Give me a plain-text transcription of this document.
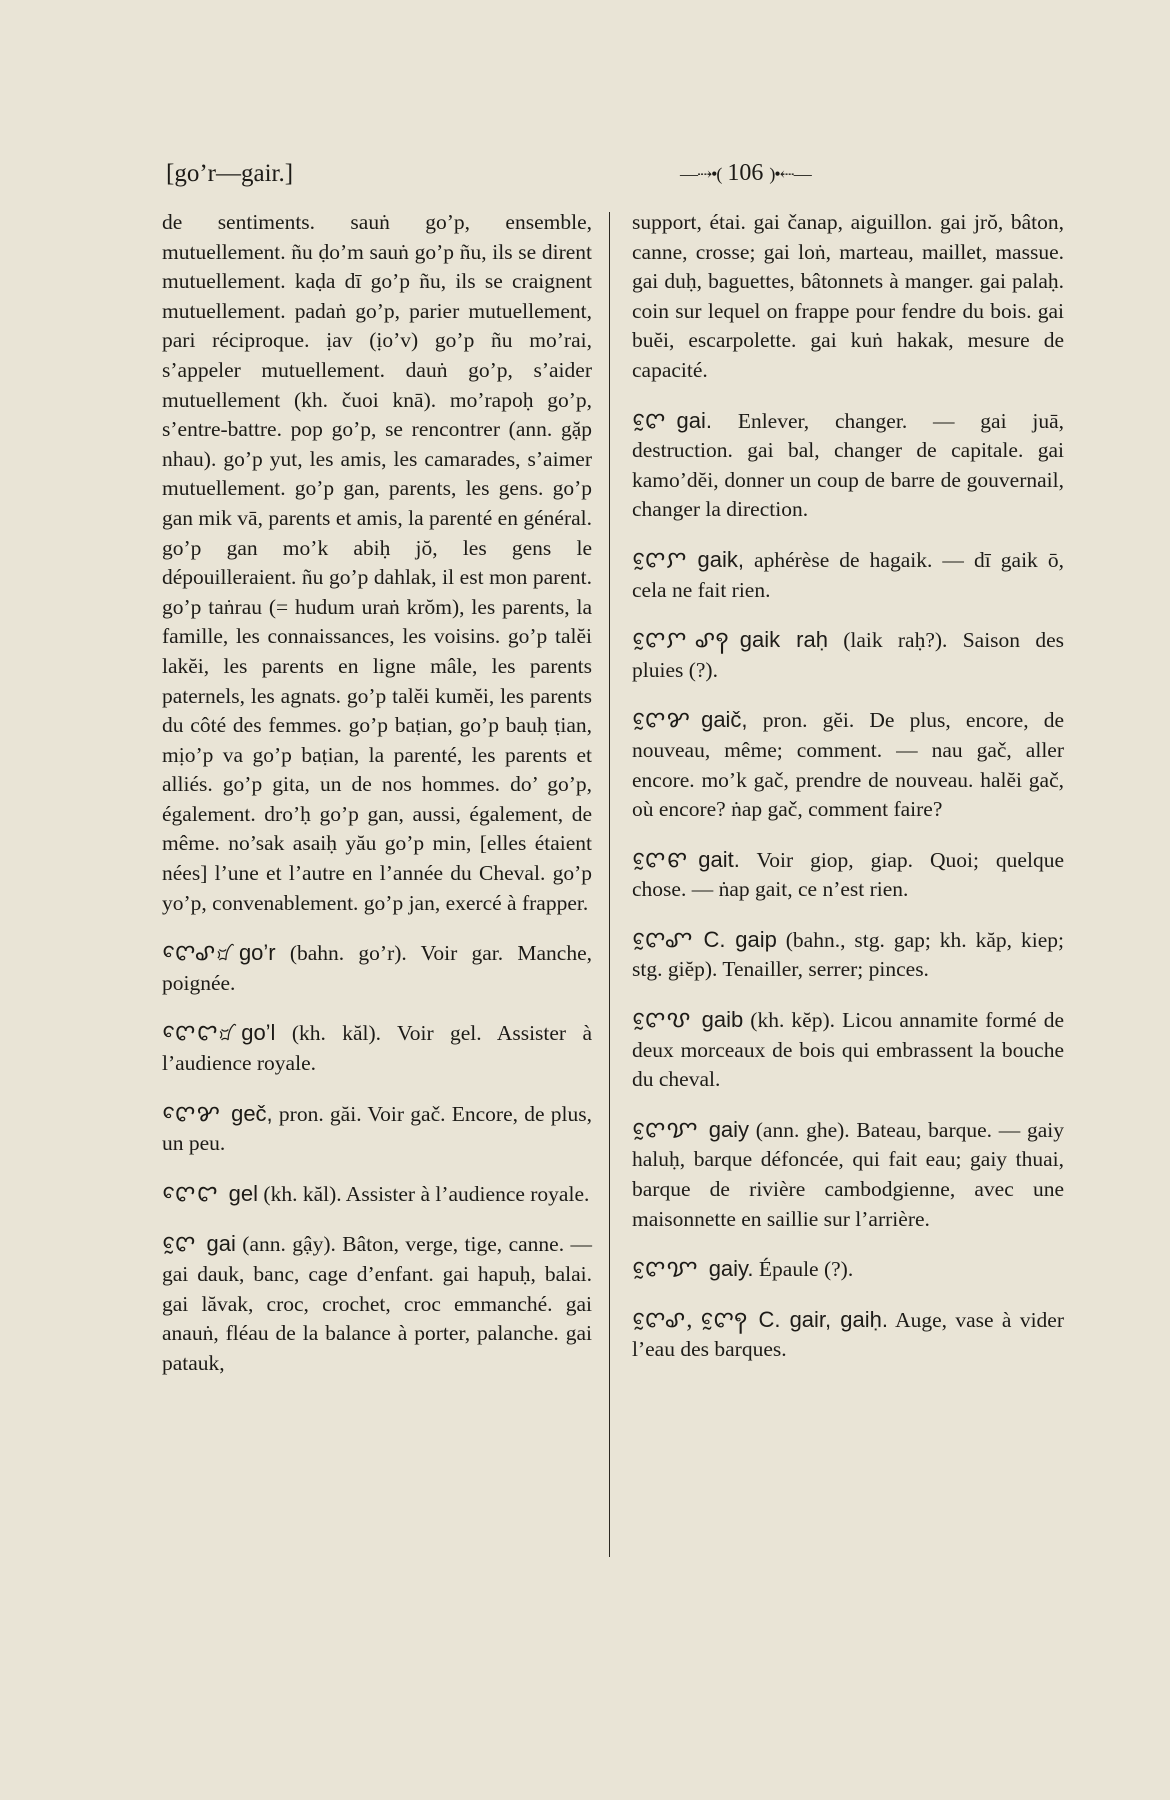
[go’r—gair.]	—⇢•( 106 )•⇠—

de sentiments. sauṅ go’p, ensemble, mutuellement. ñu ḍo’m sauṅ go’p ñu, ils se dirent mutuellement. kaḍa dī go’p ñu, ils se craignent mutuellement. padaṅ go’p, parier mutuellement, pari réciproque. ịav (ịo’v) go’p ñu mo’rai, s’appeler mutuellement. dauṅ go’p, s’aider mutuellement (kh. čuoi knā). mo’rapoḥ go’p, s’entre-battre. pop go’p, se rencontrer (ann. gặp nhau). go’p yut, les amis, les camarades, s’aimer mutuellement. go’p gan, parents, les gens. go’p gan mik vā, parents et amis, la parenté en général. go’p gan mo’k abiḥ jŏ, les gens le dépouilleraient. ñu go’p dahlak, il est mon parent. go’p taṅrau (= hudum uraṅ krŏm), les parents, la famille, les connaissances, les voisins. go’p talĕi lakĕi, les parents en ligne mâle, les parents paternels, les agnats. go’p talĕi kumĕi, les parents du côté des femmes. go’p baṭian, go’p bauḥ ṭian, mịo’p va go’p baṭian, la parenté, les parents et alliés. go’p gita, un de nos hommes. do’ go’p, également. dro’ḥ go’p gan, aussi, également, de même. no’sak asaiḥ yău go’p min, [elles étaient nées] l’une et l’autre en l’année du Cheval. go’p yo’p, convenablement. go’p jan, exercé à frapper.

ꨈꨯꨣ꩸ go’r (bahn. go’r). Voir gar. Manche, poignée.

ꨈꨯꨤ꩸ go’l (kh. kăl). Voir gel. Assister à l’audience royale.

ꨈꨯꨌ geč, pron. găi. Voir gač. Encore, de plus, un peu.

ꨈꨯꨤ gel (kh. kăl). Assister à l’audience royale.

ꨈꨰ gai (ann. gậy). Bâton, verge, tige, canne. — gai dauk, banc, cage d’enfant. gai hapuḥ, balai. gai lăvak, croc, crochet, croc emmanché. gai anauṅ, fléau de la balance à porter, palanche. gai patauk,

support, étai. gai čanap, aiguillon. gai jrŏ, bâton, canne, crosse; gai loṅ, marteau, maillet, massue. gai duḥ, baguettes, bâtonnets à manger. gai palaḥ. coin sur lequel on frappe pour fendre du bois. gai buĕi, escarpolette. gai kuṅ hakak, mesure de capacité.

ꨈꨰ gai. Enlever, changer. — gai juā, destruction. gai bal, changer de capitale. gai kamo’dĕi, donner un coup de barre de gouvernail, changer la direction.

ꨈꨰꨆ gaik, aphérèse de hagaik. — dī gaik ō, cela ne fait rien.

ꨈꨰꨆ ꨣꩍ gaik raḥ (laik raḥ?). Saison des pluies (?).

ꨈꨰꨌ gaič, pron. gĕi. De plus, encore, de nouveau, même; comment. — nau gač, aller encore. mo’k gač, prendre de nouveau. halĕi gač, où encore? ṅap gač, comment faire?

ꨈꨰꨓ gait. Voir giop, giap. Quoi; quelque chose. — ṅap gait, ce n’est rien.

ꨈꨰꨚ C. gaip (bahn., stg. gap; kh. kăp, kiep; stg. giĕp). Tenailler, serrer; pinces.

ꨈꨰꨝ gaib (kh. kĕp). Licou annamite formé de deux morceaux de bois qui embrassent la bouche du cheval.

ꨈꨰꨢ gaiy (ann. ghe). Bateau, barque. — gaiy haluḥ, barque défoncée, qui fait eau; gaiy thuai, barque de rivière cambodgienne, avec une maisonnette en saillie sur l’arrière.

ꨈꨰꨢ gaiy. Épaule (?).

ꨈꨰꨣ, ꨈꨰꩍ C. gair, gaiḥ. Auge, vase à vider l’eau des barques.
